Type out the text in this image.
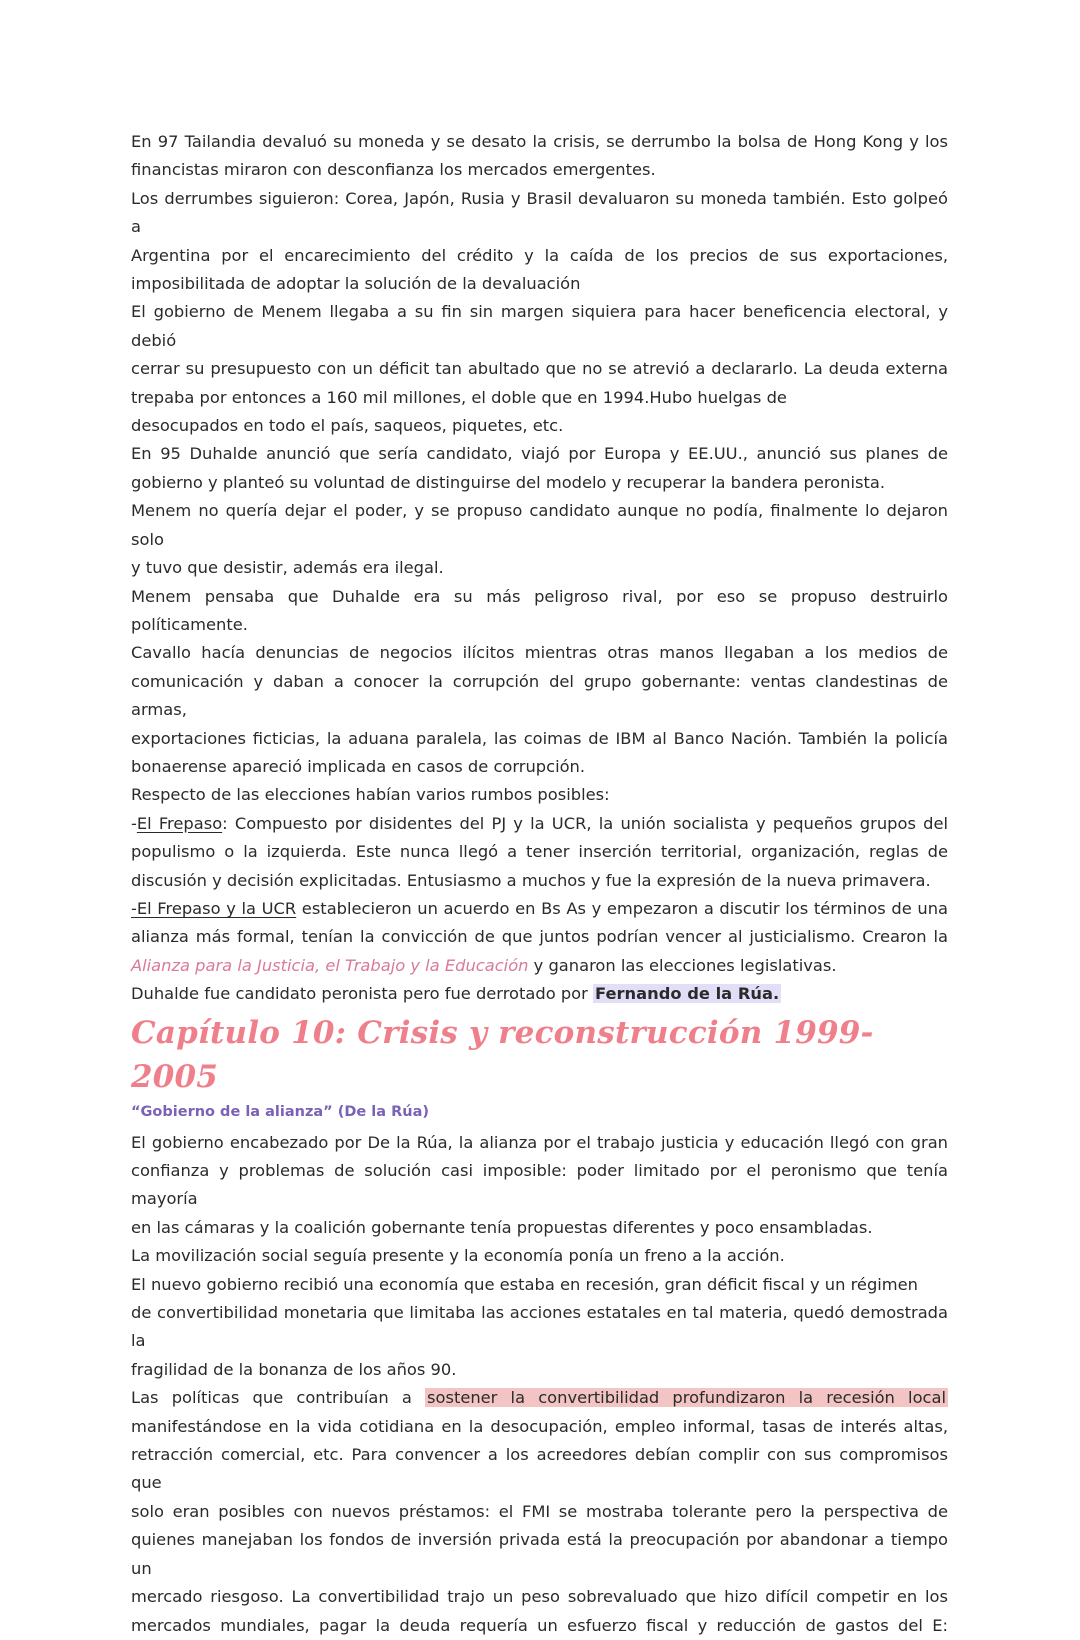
En 97 Tailandia devaluó su moneda y se desato la crisis, se derrumbo la bolsa de Hong Kong y los

financistas miraron con desconfianza los mercados emergentes.

Los derrumbes siguieron: Corea, Japón, Rusia y Brasil devaluaron su moneda también. Esto golpeó a

Argentina por el encarecimiento del crédito y la caída de los precios de sus exportaciones,

imposibilitada de adoptar la solución de la devaluación

El gobierno de Menem llegaba a su fin sin margen siquiera para hacer beneficencia electoral, y debió

cerrar su presupuesto con un déficit tan abultado que no se atrevió a declararlo. La deuda externa

trepaba por entonces a 160 mil millones, el doble que en 1994.Hubo huelgas de

desocupados en todo el país, saqueos, piquetes, etc.

En 95 Duhalde anunció que sería candidato, viajó por Europa y EE.UU., anunció sus planes de

gobierno y planteó su voluntad de distinguirse del modelo y recuperar la bandera peronista.

Menem no quería dejar el poder, y se propuso candidato aunque no podía, finalmente lo dejaron solo

y tuvo que desistir, además era ilegal.

Menem pensaba que Duhalde era su más peligroso rival, por eso se propuso destruirlo

políticamente.

Cavallo hacía denuncias de negocios ilícitos mientras otras manos llegaban a los medios de

comunicación y daban a conocer la corrupción del grupo gobernante: ventas clandestinas de armas,

exportaciones ficticias, la aduana paralela, las coimas de IBM al Banco Nación. También la policía

bonaerense apareció implicada en casos de corrupción.

Respecto de las elecciones habían varios rumbos posibles:

-El Frepaso: Compuesto por disidentes del PJ y la UCR, la unión socialista y pequeños grupos del

populismo o la izquierda. Este nunca llegó a tener inserción territorial, organización, reglas de

discusión y decisión explicitadas. Entusiasmo a muchos y fue la expresión de la nueva primavera.

-El Frepaso y la UCR establecieron un acuerdo en Bs As y empezaron a discutir los términos de una

alianza más formal, tenían la convicción de que juntos podrían vencer al justicialismo. Crearon la

Alianza para la Justicia, el Trabajo y la Educación y ganaron las elecciones legislativas.

Duhalde fue candidato peronista pero fue derrotado por Fernando de la Rúa.

Capítulo 10: Crisis y reconstrucción 1999-2005
“Gobierno de la alianza” (De la Rúa)

El gobierno encabezado por De la Rúa, la alianza por el trabajo justicia y educación llegó con gran

confianza y problemas de solución casi imposible: poder limitado por el peronismo que tenía mayoría

en las cámaras y la coalición gobernante tenía propuestas diferentes y poco ensambladas.

La movilización social seguía presente y la economía ponía un freno a la acción.

El nuevo gobierno recibió una economía que estaba en recesión, gran déficit fiscal y un régimen

de convertibilidad monetaria que limitaba las acciones estatales en tal materia, quedó demostrada la

fragilidad de la bonanza de los años 90.

Las políticas que contribuían a sostener la convertibilidad profundizaron la recesión local

manifestándose en la vida cotidiana en la desocupación, empleo informal, tasas de interés altas,

retracción comercial, etc. Para convencer a los acreedores debían complir con sus compromisos que

solo eran posibles con nuevos préstamos: el FMI se mostraba tolerante pero la perspectiva de

quienes manejaban los fondos de inversión privada está la preocupación por abandonar a tiempo un

mercado riesgoso. La convertibilidad trajo un peso sobrevaluado que hizo difícil competir en los

mercados mundiales, pagar la deuda requería un esfuerzo fiscal y reducción de gastos del E:
